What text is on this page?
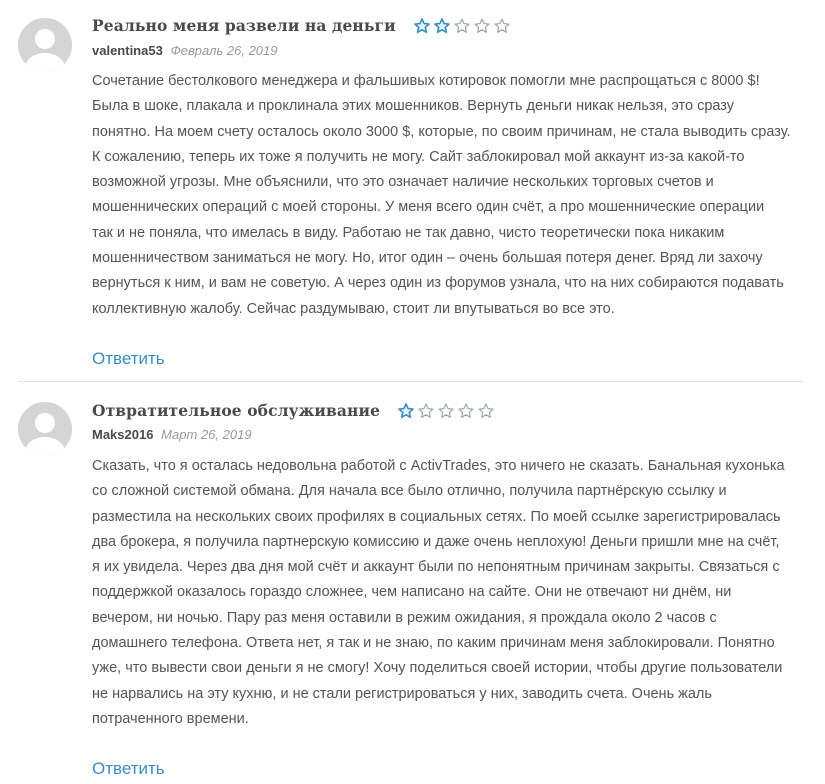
Реально меня развели на деньги
valentina53 Февраль 26, 2019

Сочетание бестолкового менеджера и фальшивых котировок помогли мне распрощаться с 8000 $!

Была в шоке, плакала и проклинала этих мошенников. Вернуть деньги никак нельзя, это сразу

понятно. На моем счету осталось около 3000 $, которые, по своим причинам, не стала выводить сразу.

К сожалению, теперь их тоже я получить не могу. Сайт заблокировал мой аккаунт из-за какой-то

возможной угрозы. Мне объяснили, что это означает наличие нескольких торговых счетов и

мошеннических операций с моей стороны. У меня всего один счёт, а про мошеннические операции

так и не поняла, что имелась в виду. Работаю не так давно, чисто теоретически пока никаким

мошенничеством заниматься не могу. Но, итог один – очень большая потеря денег. Вряд ли захочу

вернуться к ним, и вам не советую. А через один из форумов узнала, что на них собираются подавать

коллективную жалобу. Сейчас раздумываю, стоит ли впутываться во все это.

Ответить
Отвратительное обслуживание
Maks2016 Март 26, 2019

Сказать, что я осталась недовольна работой с ActivTrades, это ничего не сказать. Банальная кухонька

со сложной системой обмана. Для начала все было отлично, получила партнёрскую ссылку и

разместила на нескольких своих профилях в социальных сетях. По моей ссылке зарегистрировалась

два брокера, я получила партнерскую комиссию и даже очень неплохую! Деньги пришли мне на счёт,

я их увидела. Через два дня мой счёт и аккаунт были по непонятным причинам закрыты. Связаться с

поддержкой оказалось гораздо сложнее, чем написано на сайте. Они не отвечают ни днём, ни

вечером, ни ночью. Пару раз меня оставили в режим ожидания, я прождала около 2 часов с

домашнего телефона. Ответа нет, я так и не знаю, по каким причинам меня заблокировали. Понятно

уже, что вывести свои деньги я не смогу! Хочу поделиться своей истории, чтобы другие пользователи

не нарвались на эту кухню, и не стали регистрироваться у них, заводить счета. Очень жаль

потраченного времени.

Ответить
